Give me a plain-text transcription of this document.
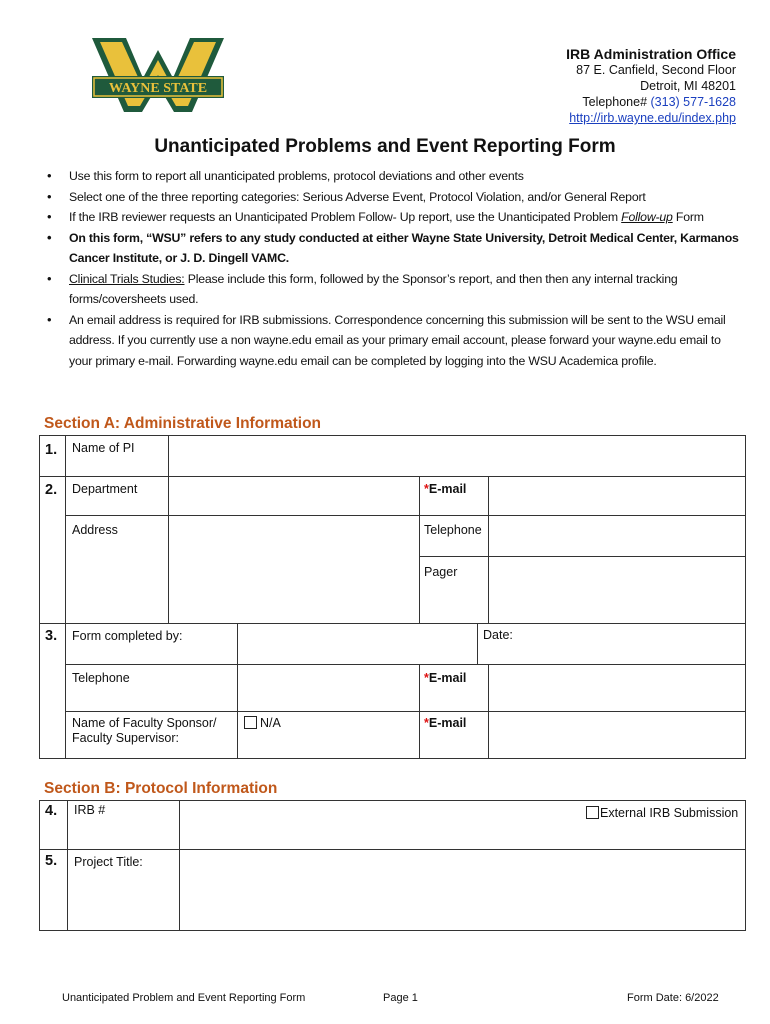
WAYNE STATE
IRB Administration Office
87 E. Canfield, Second Floor
Detroit, MI 48201
Telephone# (313) 577-1628
http://irb.wayne.edu/index.php
Unanticipated Problems and Event Reporting Form
• Use this form to report all unanticipated problems, protocol deviations and other events
• Select one of the three reporting categories: Serious Adverse Event, Protocol Violation, and/or General Report
• If the IRB reviewer requests an Unanticipated Problem Follow- Up report, use the Unanticipated Problem Follow-up Form
• On this form, “WSU” refers to any study conducted at either Wayne State University, Detroit Medical Center, Karmanos Cancer Institute, or J. D. Dingell VAMC.
• Clinical Trials Studies: Please include this form, followed by the Sponsor’s report, and then then any internal tracking forms/coversheets used.
• An email address is required for IRB submissions. Correspondence concerning this submission will be sent to the WSU email address. If you currently use a non wayne.edu email as your primary email account, please forward your wayne.edu email to your primary e-mail. Forwarding wayne.edu email can be completed by logging into the WSU Academica profile.
Section A: Administrative Information
1. Name of PI
2. Department	*E-mail
Address	Telephone
Pager
3. Form completed by:	Date:
Telephone	*E-mail
Name of Faculty Sponsor/
Faculty Supervisor:
N/A	*E-mail
Section B: Protocol Information
4. IRB #	External IRB Submission
5. Project Title:
Unanticipated Problem and Event Reporting Form	Page 1	Form Date: 6/2022
